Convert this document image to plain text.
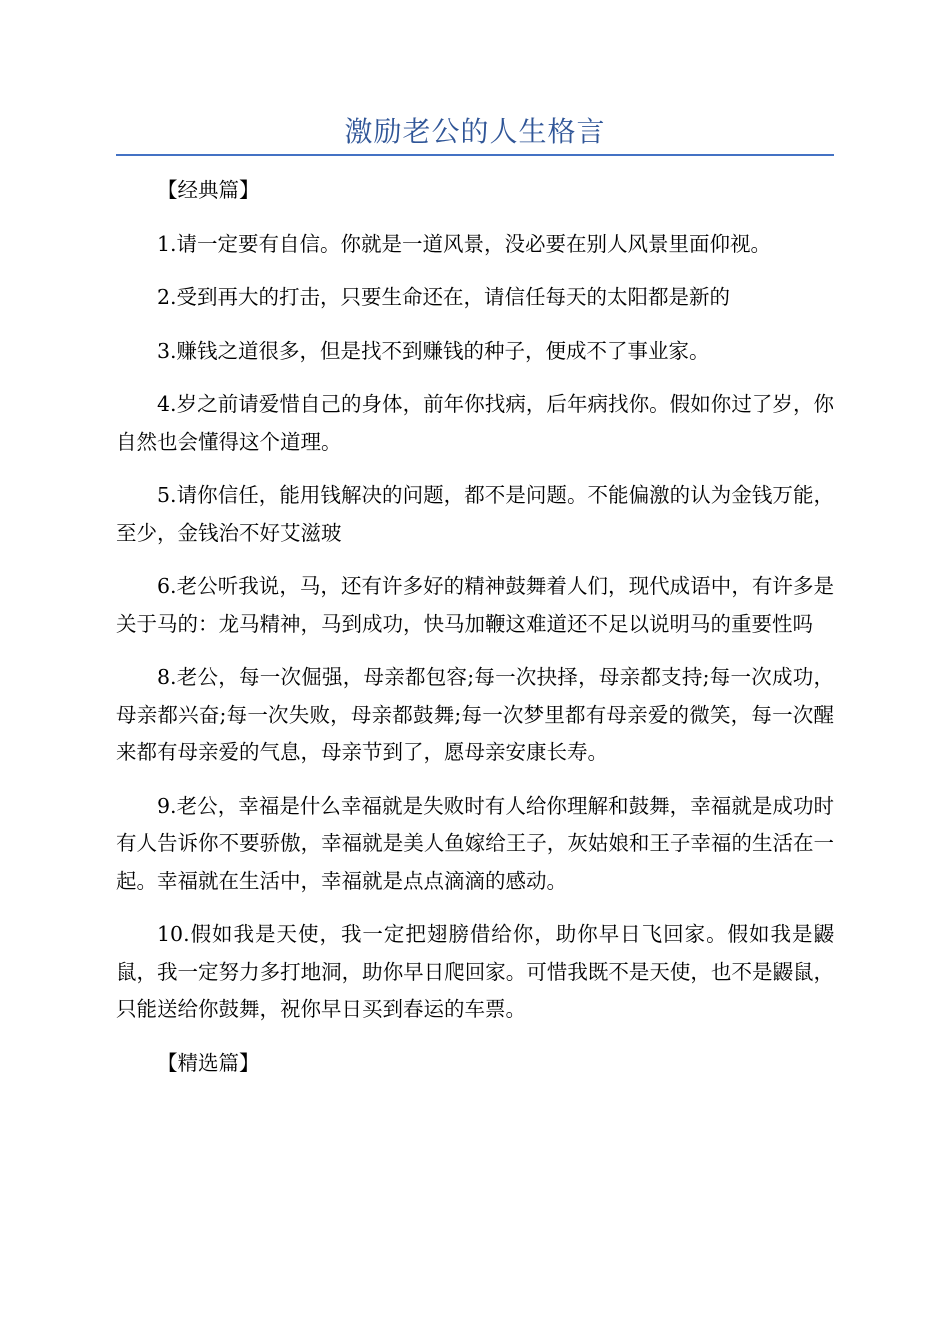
激励老公的人生格言

【经典篇】

1.请一定要有自信。你就是一道风景，没必要在别人风景里面仰视。

2.受到再大的打击，只要生命还在，请信任每天的太阳都是新的

3.赚钱之道很多，但是找不到赚钱的种子，便成不了事业家。

4.岁之前请爱惜自己的身体，前年你找病，后年病找你。假如你过了岁，你自然也会懂得这个道理。

5.请你信任，能用钱解决的问题，都不是问题。不能偏激的认为金钱万能，至少，金钱治不好艾滋玻

6.老公听我说，马，还有许多好的精神鼓舞着人们，现代成语中，有许多是关于马的：龙马精神，马到成功，快马加鞭这难道还不足以说明马的重要性吗

8.老公，每一次倔强，母亲都包容;每一次抉择，母亲都支持;每一次成功，母亲都兴奋;每一次失败，母亲都鼓舞;每一次梦里都有母亲爱的微笑，每一次醒来都有母亲爱的气息，母亲节到了，愿母亲安康长寿。

9.老公，幸福是什么幸福就是失败时有人给你理解和鼓舞，幸福就是成功时有人告诉你不要骄傲，幸福就是美人鱼嫁给王子，灰姑娘和王子幸福的生活在一起。幸福就在生活中，幸福就是点点滴滴的感动。

10.假如我是天使，我一定把翅膀借给你，助你早日飞回家。假如我是鼹鼠，我一定努力多打地洞，助你早日爬回家。可惜我既不是天使，也不是鼹鼠，只能送给你鼓舞，祝你早日买到春运的车票。

【精选篇】
